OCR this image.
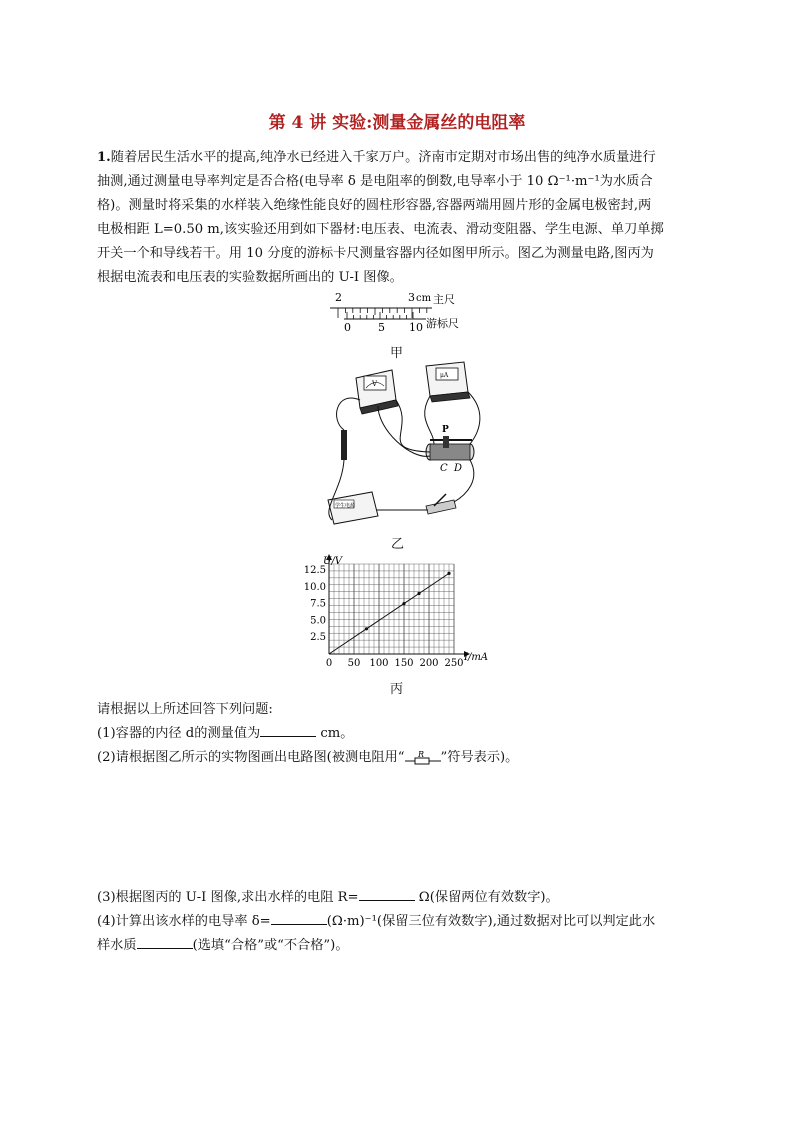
第 4 讲 实验:测量金属丝的电阻率

1.随着居民生活水平的提高,纯净水已经进入千家万户。济南市定期对市场出售的纯净水质量进行

抽测,通过测量电导率判定是否合格(电导率 δ 是电阻率的倒数,电导率小于 10 Ω⁻¹·m⁻¹为水质合

格)。测量时将采集的水样装入绝缘性能良好的圆柱形容器,容器两端用圆片形的金属电极密封,两

电极相距 L=0.50 m,该实验还用到如下器材:电压表、电流表、滑动变阻器、学生电源、单刀单掷

开关一个和导线若干。用 10 分度的游标卡尺测量容器内径如图甲所示。图乙为测量电路,图丙为

根据电流表和电压表的实验数据所画出的 U-I 图像。

2	3 cm 主尺
0 5 10 游标尺
甲
V
μA
P
C D
学生电源
乙
0 50 100 150 200 250
2.5
5.0
7.5
10.0
12.5
U/V
I/mA
丙

请根据以上所述回答下列问题:

(1)容器的内径 d的测量值为	cm。

(2)请根据图乙所示的实物图画出电路图(被测电阻用“ R ”符号表示)。

(3)根据图丙的 U-I 图像,求出水样的电阻 R=	Ω(保留两位有效数字)。

(4)计算出该水样的电导率 δ=	(Ω·m)⁻¹(保留三位有效数字),通过数据对比可以判定此水

样水质	(选填“合格”或“不合格”)。
